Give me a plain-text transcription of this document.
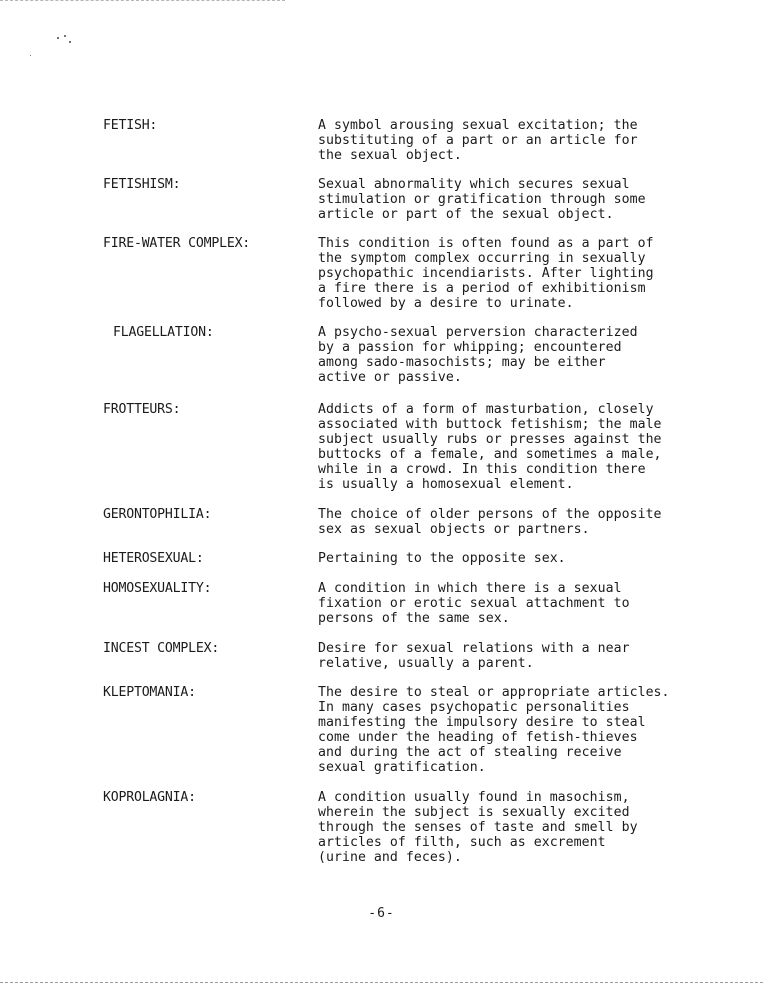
FETISH:	A symbol arousing sexual excitation; the
substituting of a part or an article for
the sexual object.
FETISHISM:	Sexual abnormality which secures sexual
stimulation or gratification through some
article or part of the sexual object.
FIRE-WATER COMPLEX:	This condition is often found as a part of
the symptom complex occurring in sexually
psychopathic incendiarists. After lighting
a fire there is a period of exhibitionism
followed by a desire to urinate.
FLAGELLATION:	A psycho-sexual perversion characterized
by a passion for whipping; encountered
among sado-masochists; may be either
active or passive.
FROTTEURS:	Addicts of a form of masturbation, closely
associated with buttock fetishism; the male
subject usually rubs or presses against the
buttocks of a female, and sometimes a male,
while in a crowd. In this condition there
is usually a homosexual element.
GERONTOPHILIA:	The choice of older persons of the opposite
sex as sexual objects or partners.
HETEROSEXUAL:	Pertaining to the opposite sex.
HOMOSEXUALITY:	A condition in which there is a sexual
fixation or erotic sexual attachment to
persons of the same sex.
INCEST COMPLEX:	Desire for sexual relations with a near
relative, usually a parent.
KLEPTOMANIA:	The desire to steal or appropriate articles.
In many cases psychopatic personalities
manifesting the impulsory desire to steal
come under the heading of fetish-thieves
and during the act of stealing receive
sexual gratification.
KOPROLAGNIA:	A condition usually found in masochism,
wherein the subject is sexually excited
through the senses of taste and smell by
articles of filth, such as excrement
(urine and feces).
-6-
